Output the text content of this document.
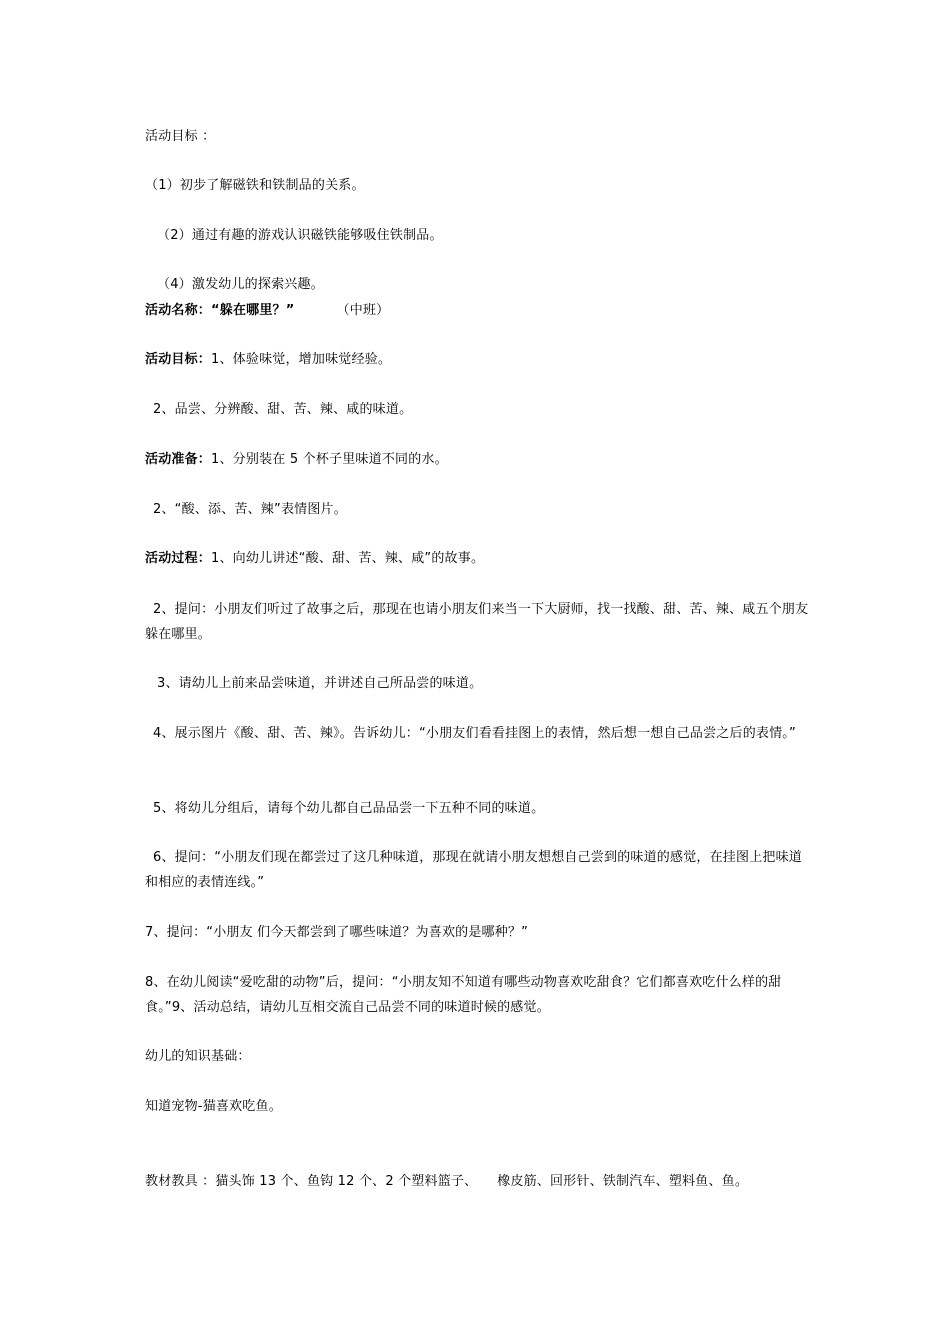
活动目标 ：
（1）初步了解磁铁和铁制品的关系。
（2）通过有趣的游戏认识磁铁能够吸住铁制品。
（4）激发幼儿的探索兴趣。
活动名称：“躲在哪里？”	（中班）
活动目标：1、体验味觉，增加味觉经验。
2、品尝、分辨酸、甜、苦、辣、咸的味道。
活动准备：1、分别装在 5 个杯子里味道不同的水。
2、“酸、添、苦、辣”表情图片。
活动过程：1、向幼儿讲述“酸、甜、苦、辣、咸”的故事。
2、提问：小朋友们听过了故事之后，那现在也请小朋友们来当一下大厨师，找一找酸、甜、苦、辣、咸五个朋友躲在哪里。
3、请幼儿上前来品尝味道，并讲述自己所品尝的味道。
4、展示图片《酸、甜、苦、辣》。告诉幼儿：“小朋友们看看挂图上的表情，然后想一想自己品尝之后的表情。”
5、将幼儿分组后，请每个幼儿都自己品品尝一下五种不同的味道。
6、提问：“小朋友们现在都尝过了这几种味道，那现在就请小朋友想想自己尝到的味道的感觉，在挂图上把味道和相应的表情连线。”
7、提问：“小朋友 们今天都尝到了哪些味道？为喜欢的是哪种？”
8、在幼儿阅读“爱吃甜的动物”后，提问：“小朋友知不知道有哪些动物喜欢吃甜食？它们都喜欢吃什么样的甜食。”9、活动总结，请幼儿互相交流自己品尝不同的味道时候的感觉。
幼儿的知识基础：
知道宠物-猫喜欢吃鱼。
教材教具 ：猫头饰 13 个、鱼钩 12 个、2 个塑料篮子、　　橡皮筋、回形针、铁制汽车、塑料鱼、鱼。
